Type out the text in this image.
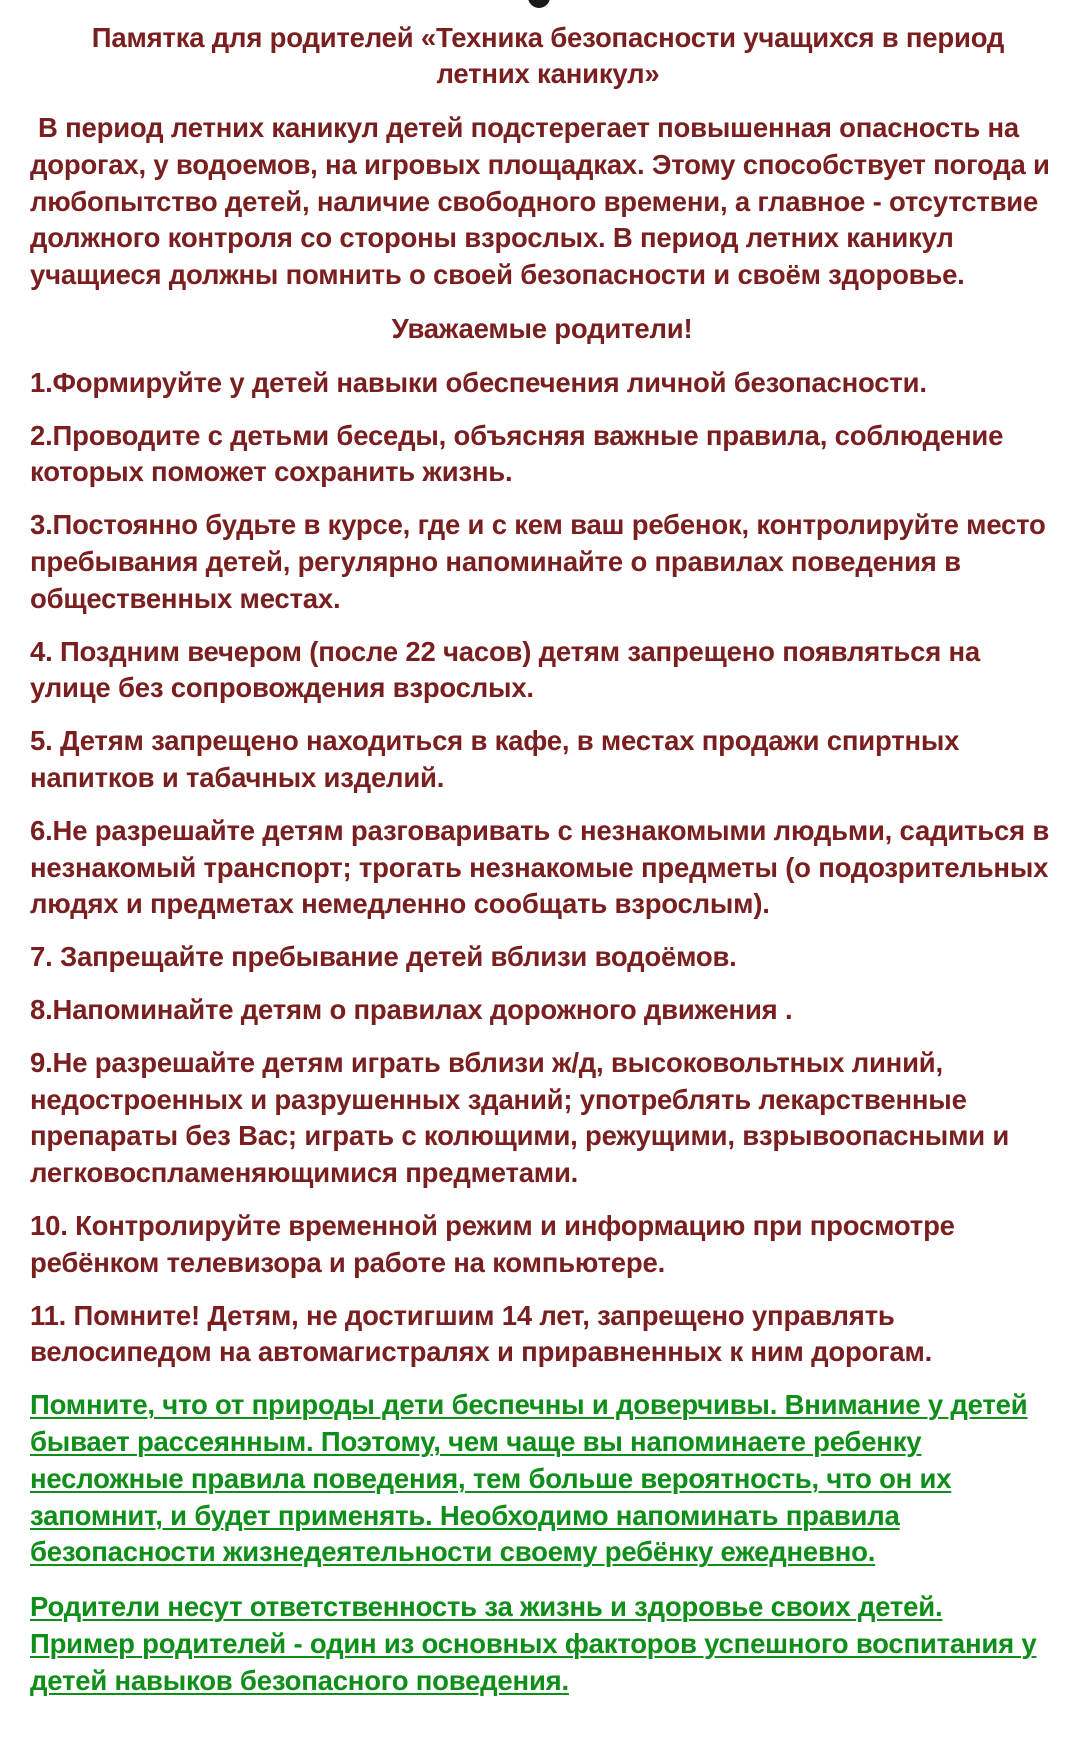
Памятка для родителей «Техника безопасности учащихся в период летних каникул»

В период летних каникул детей подстерегает повышенная опасность на дорогах, у водоемов, на игровых площадках. Этому способствует погода и любопытство детей, наличие свободного времени, а главное - отсутствие должного контроля со стороны взрослых. В период летних каникул учащиеся должны помнить о своей безопасности и своём здоровье.

Уважаемые родители!

1.Формируйте у детей навыки обеспечения личной безопасности.

2.Проводите с детьми беседы, объясняя важные правила, соблюдение которых поможет сохранить жизнь.

3.Постоянно будьте в курсе, где и с кем ваш ребенок, контролируйте место пребывания детей, регулярно напоминайте о правилах поведения в общественных местах.

4. Поздним вечером (после 22 часов) детям запрещено появляться на улице без сопровождения взрослых.

5. Детям запрещено находиться в кафе, в местах продажи спиртных напитков и табачных изделий.

6.Не разрешайте детям разговаривать с незнакомыми людьми, садиться в незнакомый транспорт; трогать незнакомые предметы (о подозрительных людях и предметах немедленно сообщать взрослым).

7. Запрещайте пребывание детей вблизи водоёмов.

8.Напоминайте детям о правилах дорожного движения .

9.Не разрешайте детям играть вблизи ж/д, высоковольтных линий, недостроенных и разрушенных зданий; употреблять лекарственные препараты без Вас; играть с колющими, режущими, взрывоопасными и легковоспламеняющимися предметами.

10. Контролируйте временной режим и информацию при просмотре ребёнком телевизора и работе на компьютере.

11. Помните! Детям, не достигшим 14 лет, запрещено управлять велосипедом на автомагистралях и приравненных к ним дорогам.

Помните, что от природы дети беспечны и доверчивы. Внимание у детей бывает рассеянным. Поэтому, чем чаще вы напоминаете ребенку несложные правила поведения, тем больше вероятность, что он их запомнит, и будет применять. Необходимо напоминать правила безопасности жизнедеятельности своему ребёнку ежедневно.

Родители несут ответственность за жизнь и здоровье своих детей. Пример родителей - один из основных факторов успешного воспитания у детей навыков безопасного поведения.
